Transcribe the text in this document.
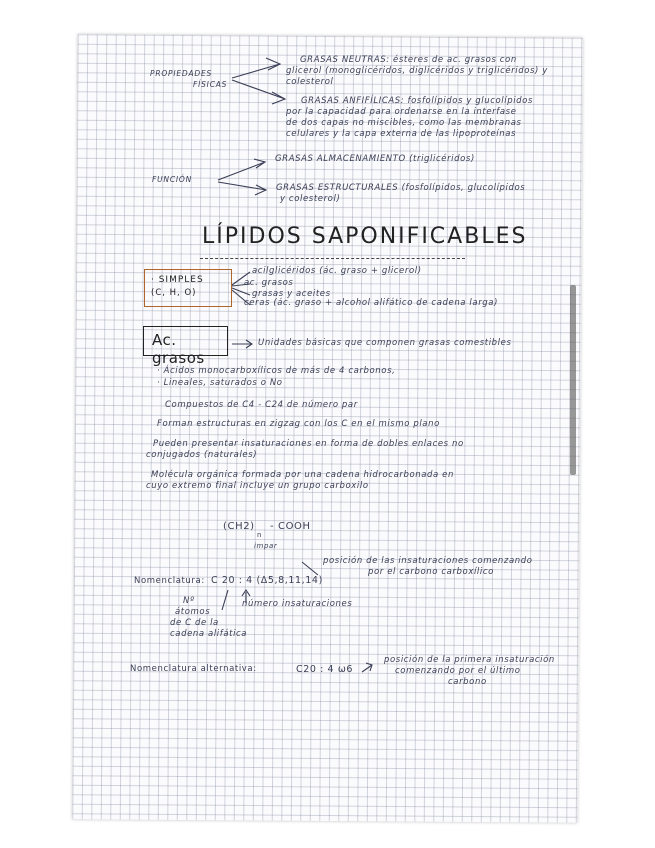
PROPIEDADES
FÍSICAS
GRASAS NEUTRAS: ésteres de ac. grasos con
glicerol (monoglicéridos, diglicéridos y triglicéridos) y
colesterol
GRASAS ANFIFÍLICAS: fosfolípidos y glucolípidos
por la capacidad para ordenarse en la interfase
de dos capas no miscibles, como las membranas
celulares y la capa externa de las lipoproteínas
FUNCIÓN
GRASAS ALMACENAMIENTO (triglicéridos)
GRASAS ESTRUCTURALES (fosfolípidos, glucolípidos
y colesterol)
LÍPIDOS SAPONIFICABLES
· SIMPLES
(C, H, O)
acilglicéridos (ác. graso + glicerol)
ac. grasos
grasas y aceites
ceras (ác. graso + alcohol alifático de cadena larga)
Ac. grasos
Unidades básicas que componen grasas comestibles
· Ácidos monocarboxílicos de más de 4 carbonos,
· Lineales, saturados o No
Compuestos de C4 - C24 de número par
Forman estructuras en zigzag con los C en el mismo plano
Pueden presentar insaturaciones en forma de dobles enlaces no
conjugados (naturales)
Molécula orgánica formada por una cadena hidrocarbonada en
cuyo extremo final incluye un grupo carboxilo
(CH2)
n
- COOH
impar
posición de las insaturaciones comenzando
por el carbono carboxílico
Nomenclatura: C 20 : 4 (Δ5,8,11,14)
número insaturaciones
Nº
átomos
de C de la
cadena alifática
Nomenclatura alternativa:	C20 : 4 ω6
posición de la primera insaturación
comenzando por el último
carbono
